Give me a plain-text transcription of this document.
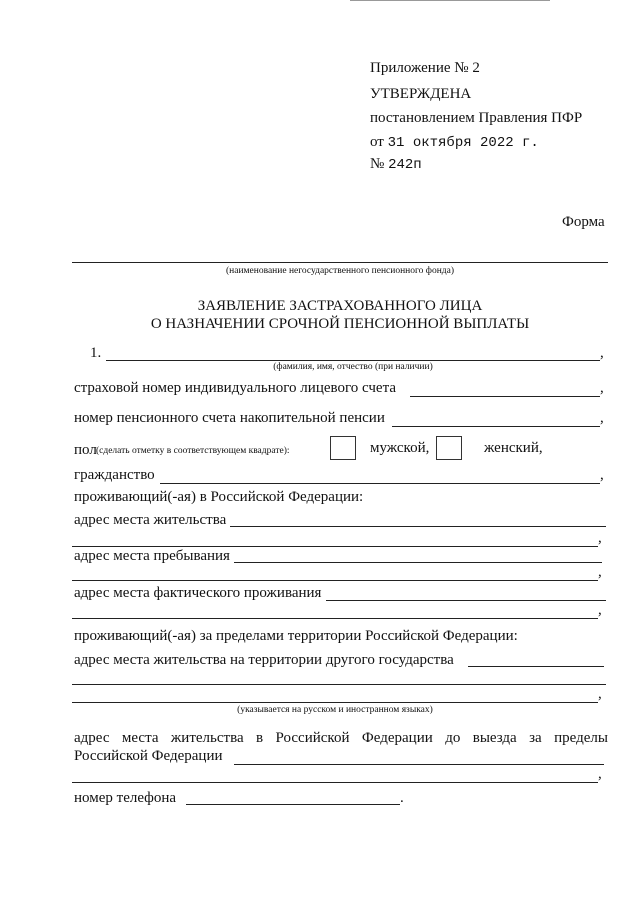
Приложение № 2
УТВЕРЖДЕНА
постановлением Правления ПФР
от 31 октября 2022 г.
№ 242п
Форма
(наименование негосударственного пенсионного фонда)
ЗАЯВЛЕНИЕ ЗАСТРАХОВАННОГО ЛИЦА
О НАЗНАЧЕНИИ СРОЧНОЙ ПЕНСИОННОЙ ВЫПЛАТЫ
1.	,
(фамилия, имя, отчество (при наличии)
страховой номер индивидуального лицевого счета	,
номер пенсионного счета накопительной пенсии	,
пол (сделать отметку в соответствующем квадрате):	мужской,	женский,
гражданство	,
проживающий(-ая) в Российской Федерации:
адрес места жительства
,
адрес места пребывания
,
адрес места фактического проживания
,
проживающий(-ая) за пределами территории Российской Федерации:
адрес места жительства на территории другого государства
,
(указывается на русском и иностранном языках)
адрес места жительства в Российской Федерации до выезда за пределы
Российской Федерации
,
номер телефона	.
